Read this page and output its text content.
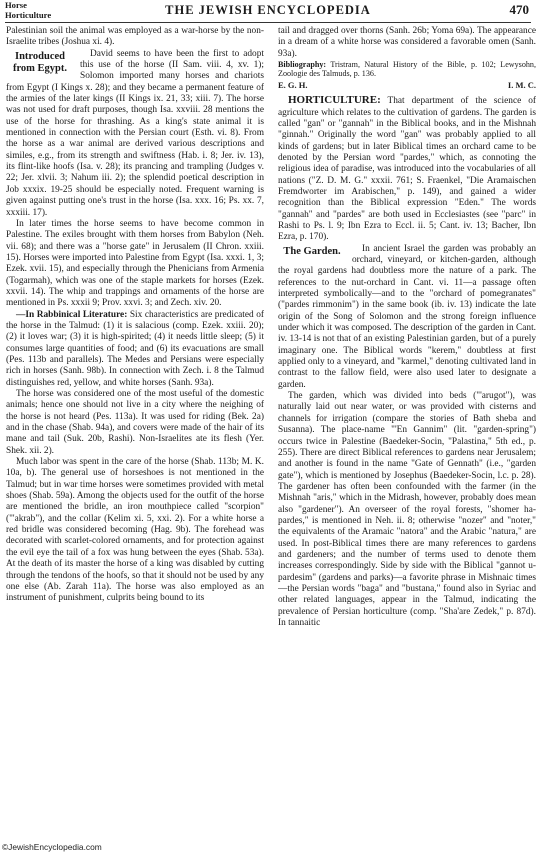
Horse
Horticulture	THE JEWISH ENCYCLOPEDIA	470

Palestinian soil the animal was employed as a war-horse by the non-Israelite tribes (Joshua xi. 4).

Introduced from Egypt.

David seems to have been the first to adopt this use of the horse (II Sam. viii. 4, xv. 1); Solomon imported many horses and chariots from Egypt (I Kings x. 28); and they became a permanent feature of the armies of the later kings (II Kings ix. 21, 33; xiii. 7). The horse was not used for draft purposes, though Isa. xxviii. 28 mentions the use of the horse for thrashing. As a king's state animal it is mentioned in connection with the Persian court (Esth. vi. 8). From the horse as a war animal are derived various descriptions and similes, e.g., from its strength and swiftness (Hab. i. 8; Jer. iv. 13), its flint-like hoofs (Isa. v. 28); its prancing and trampling (Judges v. 22; Jer. xlvii. 3; Nahum iii. 2); the splendid poetical description in Job xxxix. 19-25 should be especially noted. Frequent warning is given against putting one's trust in the horse (Isa. xxx. 16; Ps. xx. 7, xxxiii. 17).

In later times the horse seems to have become common in Palestine. The exiles brought with them horses from Babylon (Neh. vii. 68); and there was a "horse gate" in Jerusalem (II Chron. xxiii. 15). Horses were imported into Palestine from Egypt (Isa. xxxi. 1, 3; Ezek. xvii. 15), and especially through the Phenicians from Armenia (Togarmah), which was one of the staple markets for horses (Ezek. xxvii. 14). The whip and trappings and ornaments of the horse are mentioned in Ps. xxxii 9; Prov. xxvi. 3; and Zech. xiv. 20.

—In Rabbinical Literature: Six characteristics are predicated of the horse in the Talmud: (1) it is salacious (comp. Ezek. xxiii. 20); (2) it loves war; (3) it is high-spirited; (4) it needs little sleep; (5) it consumes large quantities of food; and (6) its evacuations are small (Pes. 113b and parallels). The Medes and Persians were especially rich in horses (Sanh. 98b). In connection with Zech. i. 8 the Talmud distinguishes red, yellow, and white horses (Sanh. 93a).

The horse was considered one of the most useful of the domestic animals; hence one should not live in a city where the neighing of the horse is not heard (Pes. 113a). It was used for riding (Bek. 2a) and in the chase (Shab. 94a), and covers were made of the hair of its mane and tail (Suk. 20b, Rashi). Non-Israelites ate its flesh (Yer. Shek. xii. 2).

Much labor was spent in the care of the horse (Shab. 113b; M. K. 10a, b). The general use of horseshoes is not mentioned in the Talmud; but in war time horses were sometimes provided with metal shoes (Shab. 59a). Among the objects used for the outfit of the horse are mentioned the bridle, an iron mouthpiece called "scorpion" ("'akrab"), and the collar (Kelim xi. 5, xxi. 2). For a white horse a red bridle was considered becoming (Hag. 9b). The forehead was decorated with scarlet-colored ornaments, and for protection against the evil eye the tail of a fox was hung between the eyes (Shab. 53a). At the death of its master the horse of a king was disabled by cutting through the tendons of the hoofs, so that it should not be used by any one else (Ab. Zarah 11a). The horse was also employed as an instrument of punishment, culprits being bound to its

tail and dragged over thorns (Sanh. 26b; Yoma 69a). The appearance in a dream of a white horse was considered a favorable omen (Sanh. 93a).

Bibliography: Tristram, Natural History of the Bible, p. 102; Lewysohn, Zoologie des Talmuds, p. 136.

E. G. H.	I. M. C.

HORTICULTURE: That department of the science of agriculture which relates to the cultivation of gardens. The garden is called "gan" or "gannah" in the Biblical books, and in the Mishnah "ginnah." Originally the word "gan" was probably applied to all kinds of gardens; but in later Biblical times an orchard came to be denoted by the Persian word "pardes," which, as connoting the religious idea of paradise, was introduced into the vocabularies of all nations ("Z. D. M. G." xxxii. 761; S. Fraenkel, "Die Aramaischen Fremdworter im Arabischen," p. 149), and gained a wider recognition than the Biblical expression "Eden." The words "gannah" and "pardes" are both used in Ecclesiastes (see "parc" in Rashi to Ps. l. 9; Ibn Ezra to Eccl. ii. 5; Cant. iv. 13; Bacher, Ibn Ezra, p. 170).

The Garden.	In ancient Israel the garden was probably an orchard, vineyard, or kitchen-garden, although the royal gardens had doubtless more the nature of a park. The references to the nut-orchard in Cant. vi. 11—a passage often interpreted symbolically—and to the "orchard of pomegranates" ("pardes rimmonim") in the same book (ib. iv. 13) indicate the late origin of the Song of Solomon and the strong foreign influence under which it was composed. The description of the garden in Cant. iv. 13-14 is not that of an existing Palestinian garden, but of a purely imaginary one. The Biblical words "kerem," doubtless at first applied only to a vineyard, and "karmel," denoting cultivated land in contrast to the fallow field, were also used later to designate a garden.

The garden, which was divided into beds ("'arugot"), was naturally laid out near water, or was provided with cisterns and channels for irrigation (compare the stories of Bath sheba and Susanna). The place-name "'En Gannim" (lit. "garden-spring") occurs twice in Palestine (Baedeker-Socin, "Palastina," 5th ed., p. 255). There are direct Biblical references to gardens near Jerusalem; and another is found in the name "Gate of Gennath" (i.e., "garden gate"), which is mentioned by Josephus (Baedeker-Socin, l.c. p. 28). The gardener has often been confounded with the farmer (in the Mishnah "aris," which in the Midrash, however, probably does mean also "gardener"). An overseer of the royal forests, "shomer ha-pardes," is mentioned in Neh. ii. 8; otherwise "nozer" and "noter," the equivalents of the Aramaic "natora" and the Arabic "natura," are used. In post-Biblical times there are many references to gardens and gardeners; and the number of terms used to denote them increases correspondingly. Side by side with the Biblical "gannot u-pardesim" (gardens and parks)—a favorite phrase in Mishnaic times—the Persian words "baga" and "bustana," found also in Syriac and other related languages, appear in the Talmud, indicating the prevalence of Persian horticulture (comp. "Sha'are Zedek," p. 87d). In tannaitic

©JewishEncyclopedia.com
